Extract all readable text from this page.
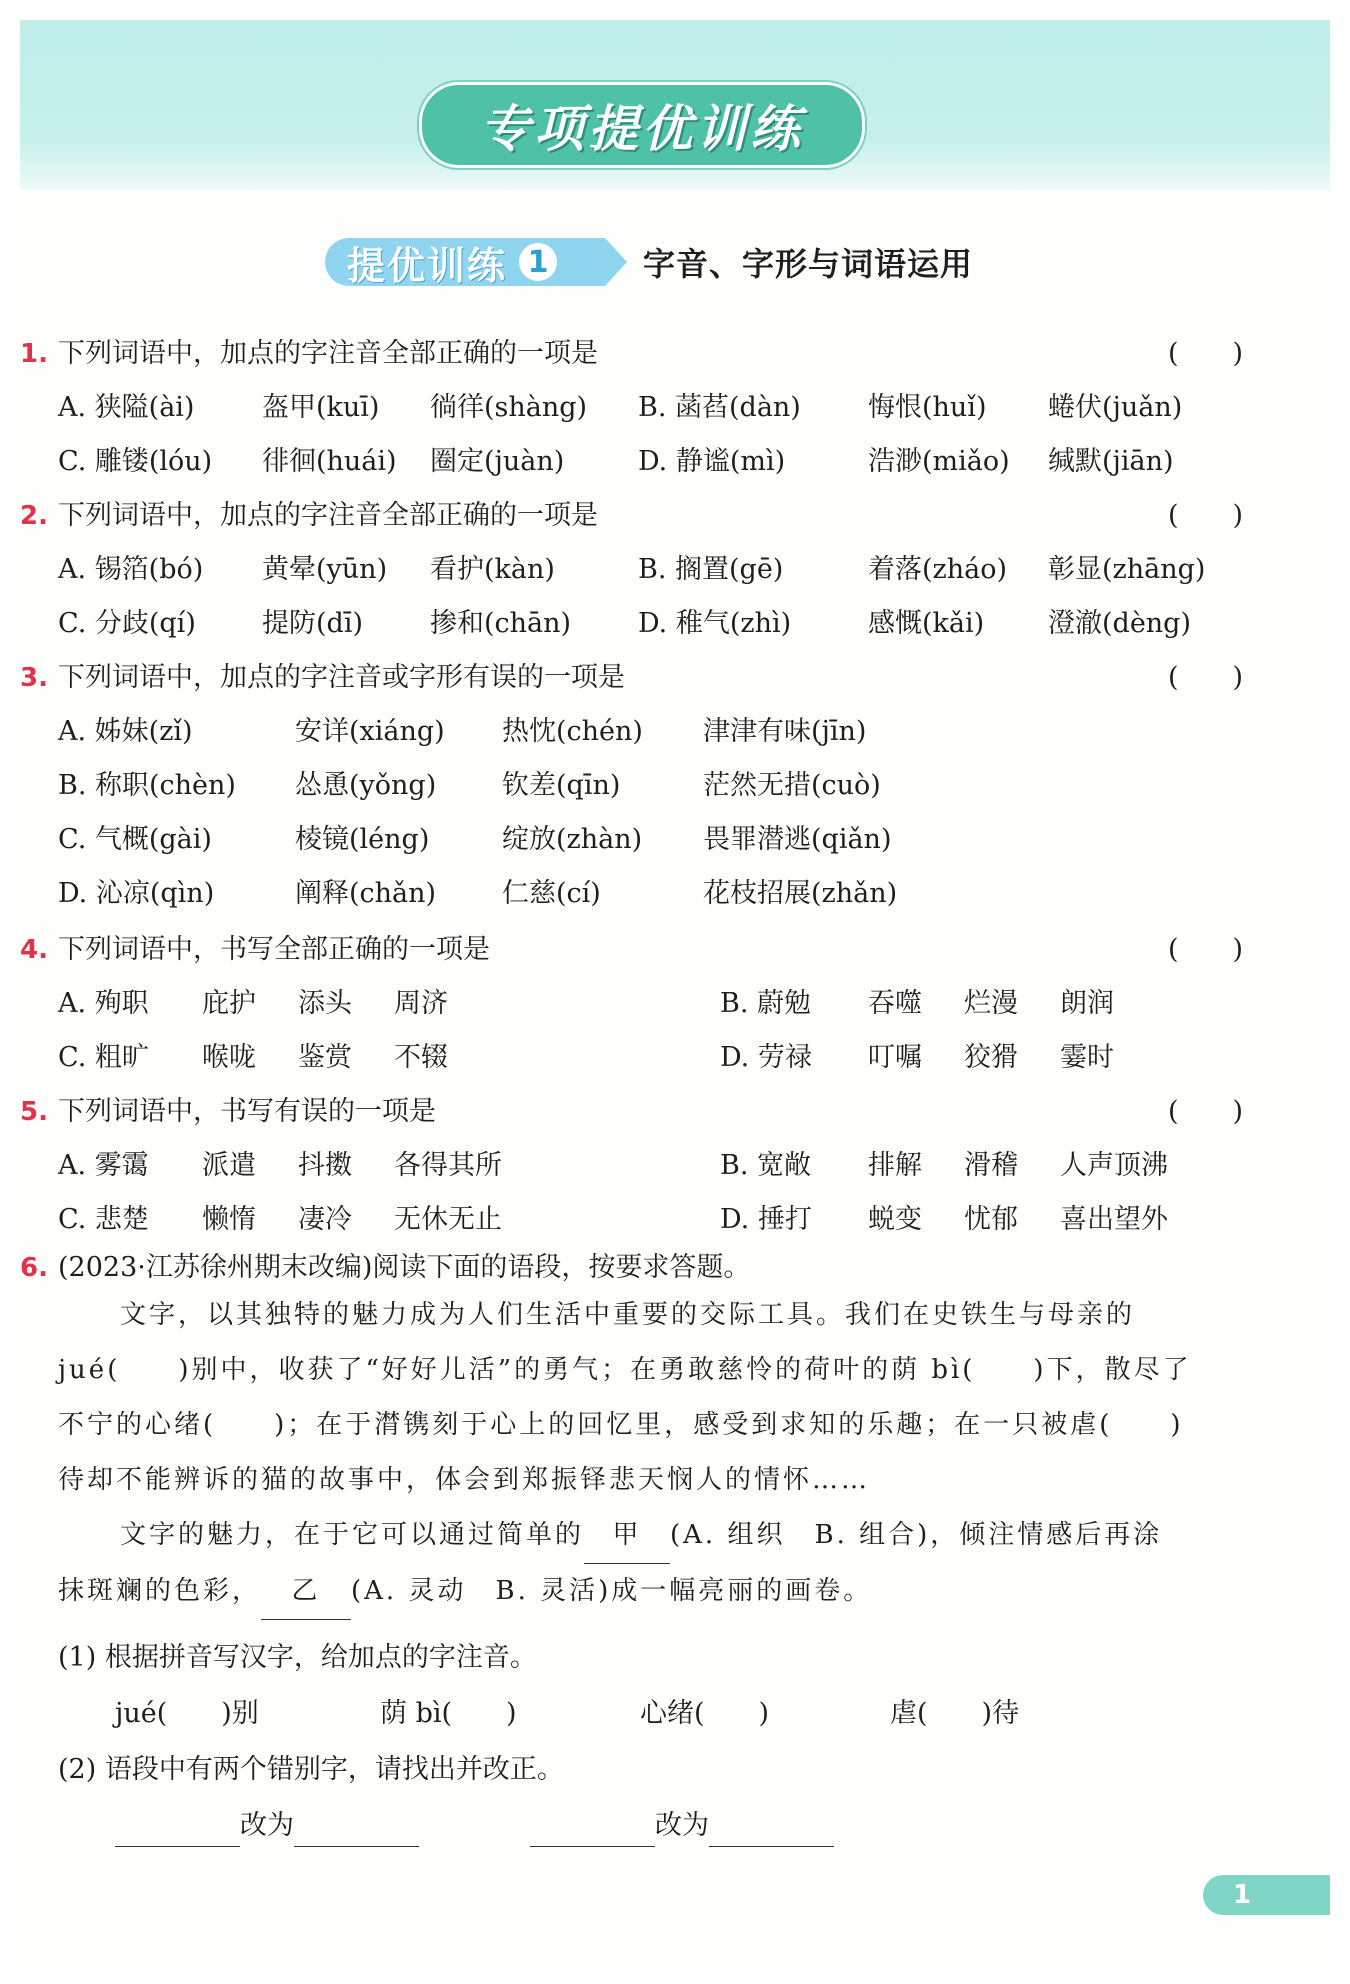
专项提优训练
提优训练 1	字音、字形与词语运用
1. 下列词语中，加点的字注音全部正确的一项是	(　　)
A. 狭隘(ài)	盔甲(kuī) 徜徉(shàng) B. 菡萏(dàn) 悔恨(huǐ) 蜷伏(juǎn)
C. 雕镂(lóu) 徘徊(huái) 圈定(juàn)	D. 静谧(mì)	浩渺(miǎo) 缄默(jiān)
2. 下列词语中，加点的字注音全部正确的一项是	(　　)
A. 锡箔(bó) 黄晕(yūn) 看护(kàn)	B. 搁置(gē)	着落(zháo) 彰显(zhāng)
C. 分歧(qí) 提防(dī) 掺和(chān) D. 稚气(zhì)	感慨(kǎi) 澄澈(dèng)
3. 下列词语中，加点的字注音或字形有误的一项是	(　　)
A. 姊妹(zǐ)	安详(xiáng) 热忱(chén) 津津有味(jīn)
B. 称职(chèn) 怂恿(yǒng) 钦差(qīn)	茫然无措(cuò)
C. 气概(gài)	棱镜(léng)	绽放(zhàn) 畏罪潜逃(qiǎn)
D. 沁凉(qìn)	阐释(chǎn) 仁慈(cí)	花枝招展(zhǎn)
4. 下列词语中，书写全部正确的一项是	(　　)
A. 殉职 庇护 添头 周济	B. 蔚勉 吞噬 烂漫 朗润
C. 粗旷 喉咙 鉴赏 不辍	D. 劳禄 叮嘱 狡猾 霎时
5. 下列词语中，书写有误的一项是	(　　)
A. 雾霭 派遣 抖擞 各得其所	B. 宽敞 排解 滑稽 人声顶沸
C. 悲楚 懒惰 凄冷 无休无止	D. 捶打 蜕变 忧郁 喜出望外
6. (2023·江苏徐州期末改编)阅读下面的语段，按要求答题。
文字，以其独特的魅力成为人们生活中重要的交际工具。我们在史铁生与母亲的
jué(　　)别中，收获了“好好儿活”的勇气；在勇敢慈怜的荷叶的荫 bì(　　)下，散尽了
不宁的心绪(　　)；在于潸镌刻于心上的回忆里，感受到求知的乐趣；在一只被虐(　　)
待却不能辨诉的猫的故事中，体会到郑振铎悲天悯人的情怀……
文字的魅力，在于它可以通过简单的 甲 (A. 组织　B. 组合)，倾注情感后再涂
抹斑斓的色彩， 乙 (A. 灵动　B. 灵活)成一幅亮丽的画卷。
(1) 根据拼音写汉字，给加点的字注音。
jué(　　)别	荫 bì(　　)	心绪(　　)	虐(　　)待
(2) 语段中有两个错别字，请找出并改正。
改为	改为
1
